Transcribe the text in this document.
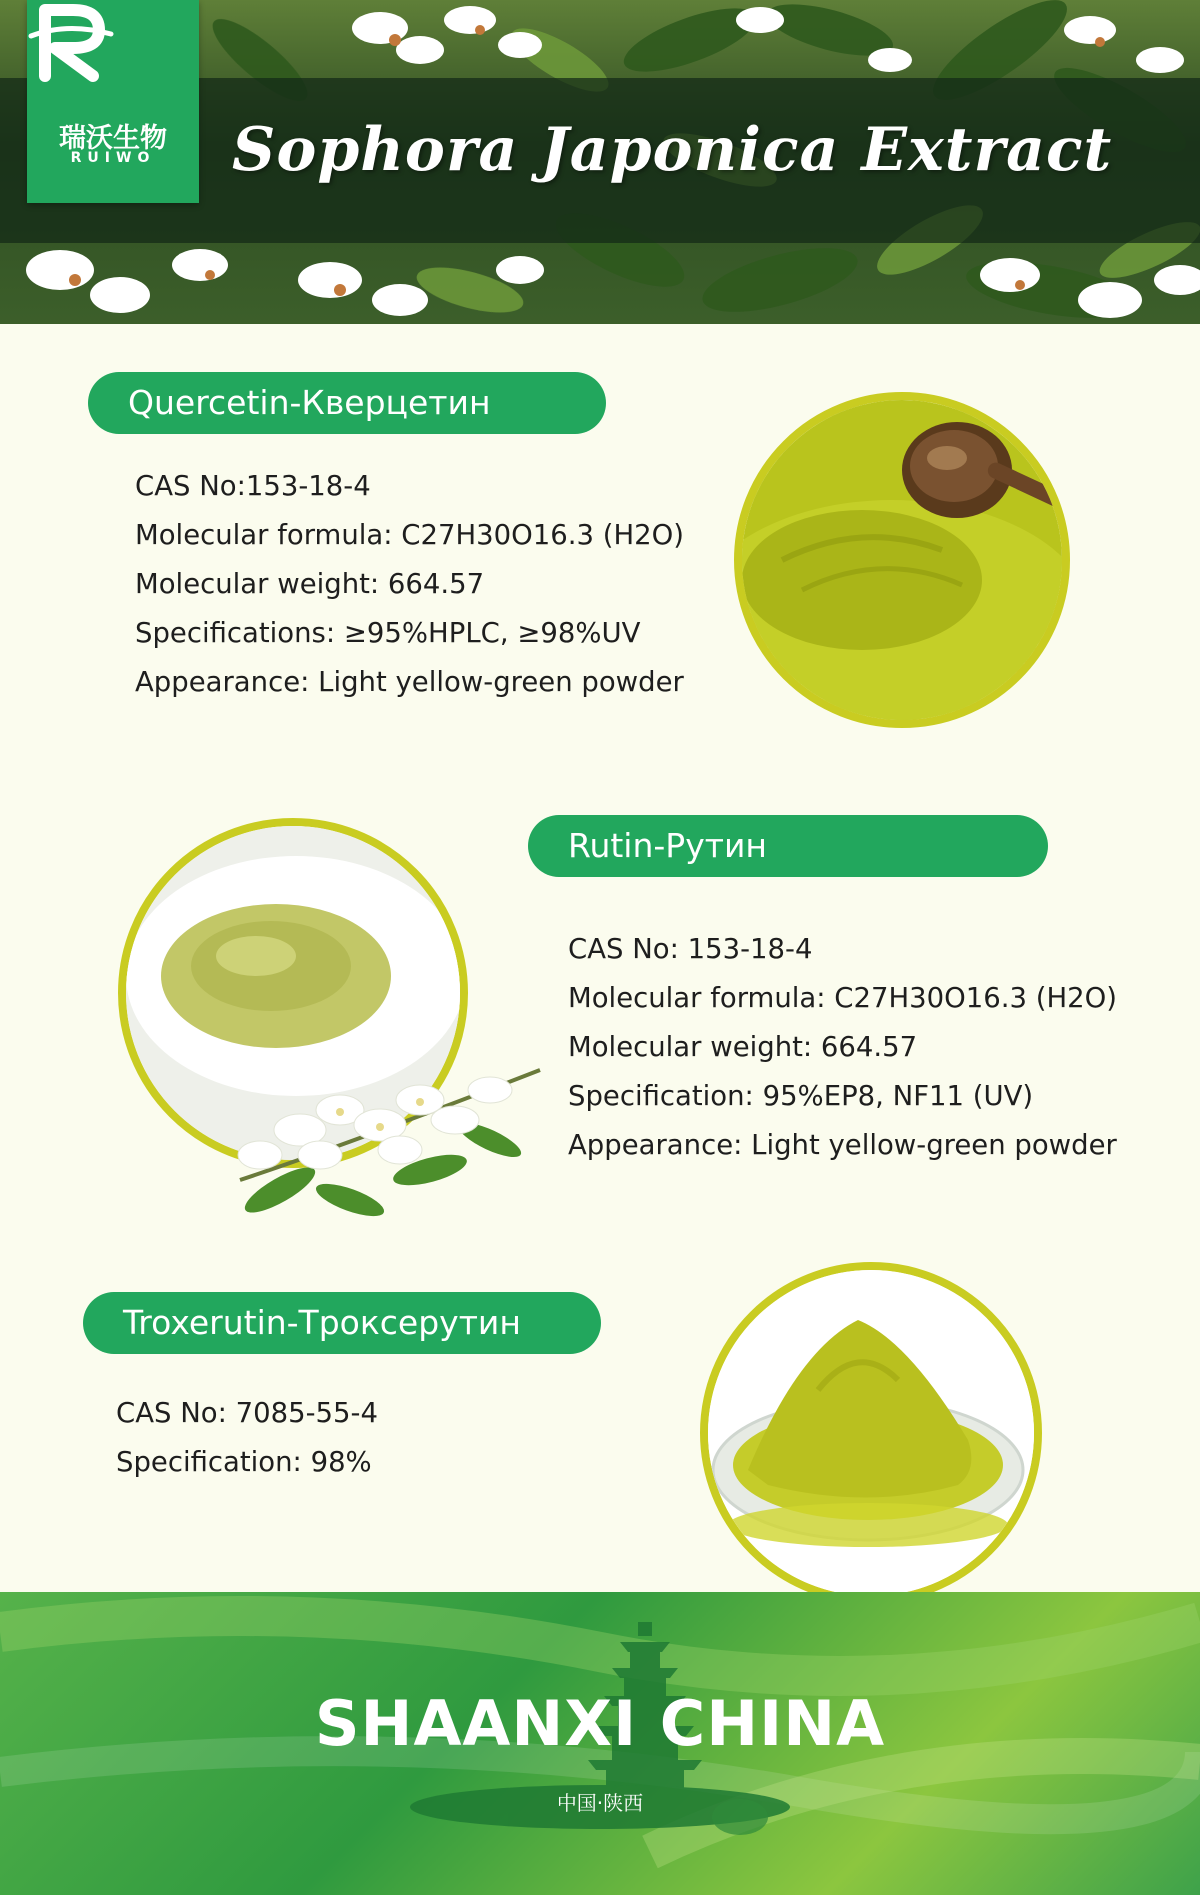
Sophora Japonica Extract
瑞沃生物
RUIWO
Quercetin-Кверцетин
CAS No:153-18-4
Molecular formula: C27H30O16.3 (H2O)
Molecular weight: 664.57
Specifications: ≥95%HPLC, ≥98%UV
Appearance: Light yellow-green powder
Rutin-Рутин
CAS No: 153-18-4
Molecular formula: C27H30O16.3 (H2O)
Molecular weight: 664.57
Specification: 95%EP8, NF11 (UV)
Appearance: Light yellow-green powder
Troxerutin-Троксерутин
CAS No: 7085-55-4
Specification: 98%
SHAANXI CHINA
中国·陕西
